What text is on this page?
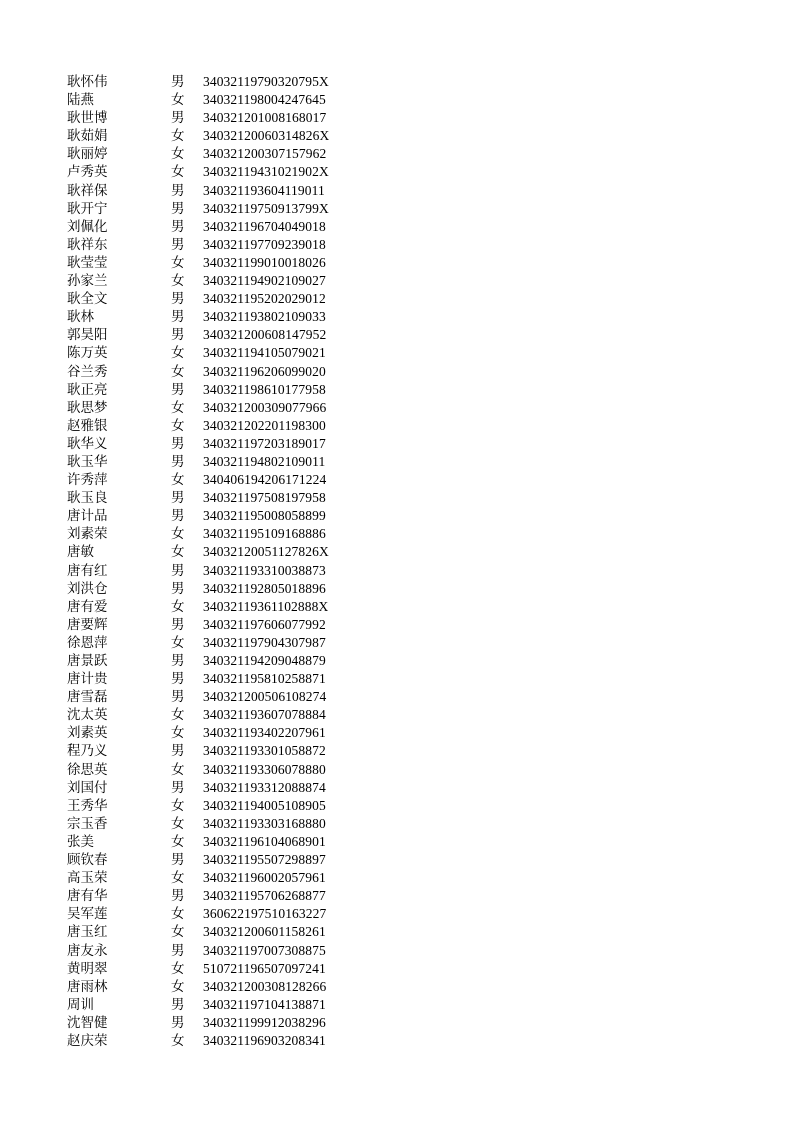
耿怀伟	男	34032119790320795X
陆燕	女	340321198004247645
耿世博	男	340321201008168017
耿茹娟	女	34032120060314826X
耿丽婷	女	340321200307157962
卢秀英	女	34032119431021902X
耿祥保	男	340321193604119011
耿开宁	男	34032119750913799X
刘佩化	男	340321196704049018
耿祥东	男	340321197709239018
耿莹莹	女	340321199010018026
孙家兰	女	340321194902109027
耿全文	男	340321195202029012
耿林	男	340321193802109033
郭昊阳	男	340321200608147952
陈万英	女	340321194105079021
谷兰秀	女	340321196206099020
耿正亮	男	340321198610177958
耿思梦	女	340321200309077966
赵雅银	女	340321202201198300
耿华义	男	340321197203189017
耿玉华	男	340321194802109011
许秀萍	女	340406194206171224
耿玉良	男	340321197508197958
唐计品	男	340321195008058899
刘素荣	女	340321195109168886
唐敏	女	34032120051127826X
唐有红	男	340321193310038873
刘洪仓	男	340321192805018896
唐有爱	女	34032119361102888X
唐要辉	男	340321197606077992
徐恩萍	女	340321197904307987
唐景跃	男	340321194209048879
唐计贵	男	340321195810258871
唐雪磊	男	340321200506108274
沈太英	女	340321193607078884
刘素英	女	340321193402207961
程乃义	男	340321193301058872
徐思英	女	340321193306078880
刘国付	男	340321193312088874
王秀华	女	340321194005108905
宗玉香	女	340321193303168880
张美	女	340321196104068901
顾钦春	男	340321195507298897
高玉荣	女	340321196002057961
唐有华	男	340321195706268877
吴军莲	女	360622197510163227
唐玉红	女	340321200601158261
唐友永	男	340321197007308875
黄明翠	女	510721196507097241
唐雨林	女	340321200308128266
周训	男	340321197104138871
沈智健	男	340321199912038296
赵庆荣	女	340321196903208341
